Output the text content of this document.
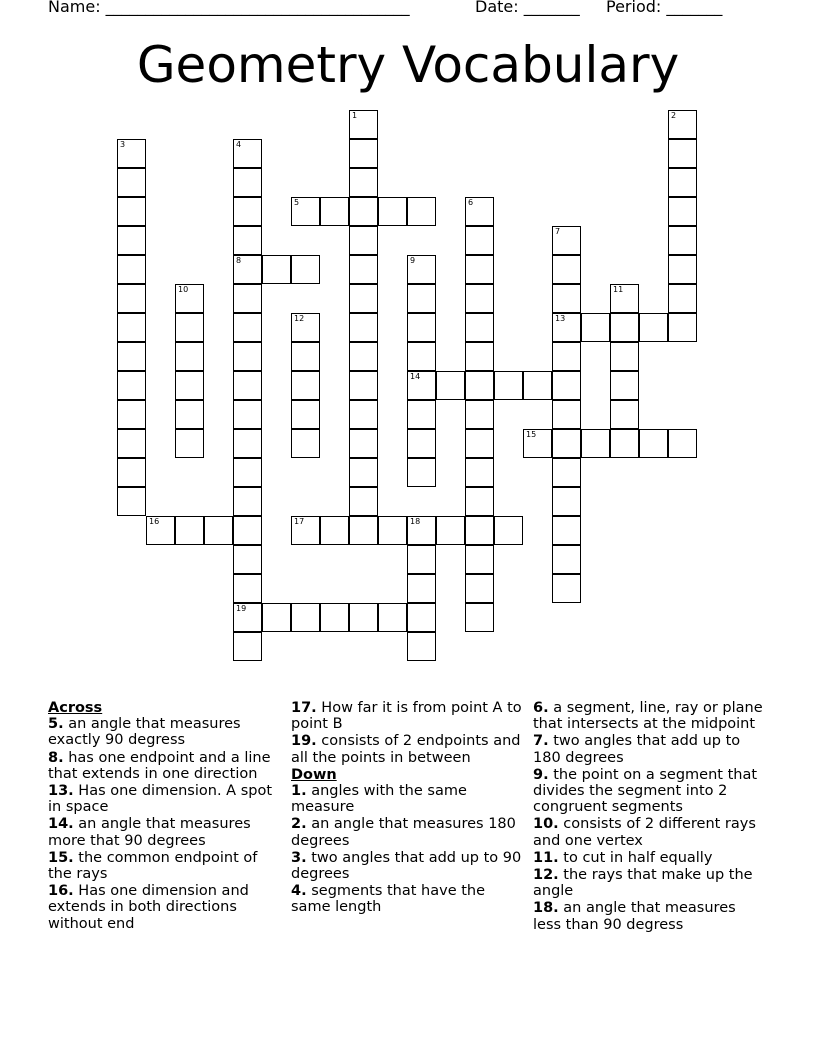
Name: ______________________________________	Date: _______ Period: _______
Geometry Vocabulary
5
8
13
14
15
16	17	18
19
1	2
3	4
6
7
9
10	11
12
Across
5. an angle that measures exactly 90 degress
8. has one endpoint and a line that extends in one direction
13. Has one dimension. A spot in space
14. an angle that measures more that 90 degrees
15. the common endpoint of the rays
16. Has one dimension and extends in both directions without end
17. How far it is from point A to point B
19. consists of 2 endpoints and all the points in between
Down
1. angles with the same measure
2. an angle that measures 180 degrees
3. two angles that add up to 90 degrees
4. segments that have the same length
6. a segment, line, ray or plane that intersects at the midpoint
7. two angles that add up to 180 degrees
9. the point on a segment that divides the segment into 2 congruent segments
10. consists of 2 different rays and one vertex
11. to cut in half equally
12. the rays that make up the angle
18. an angle that measures less than 90 degress
